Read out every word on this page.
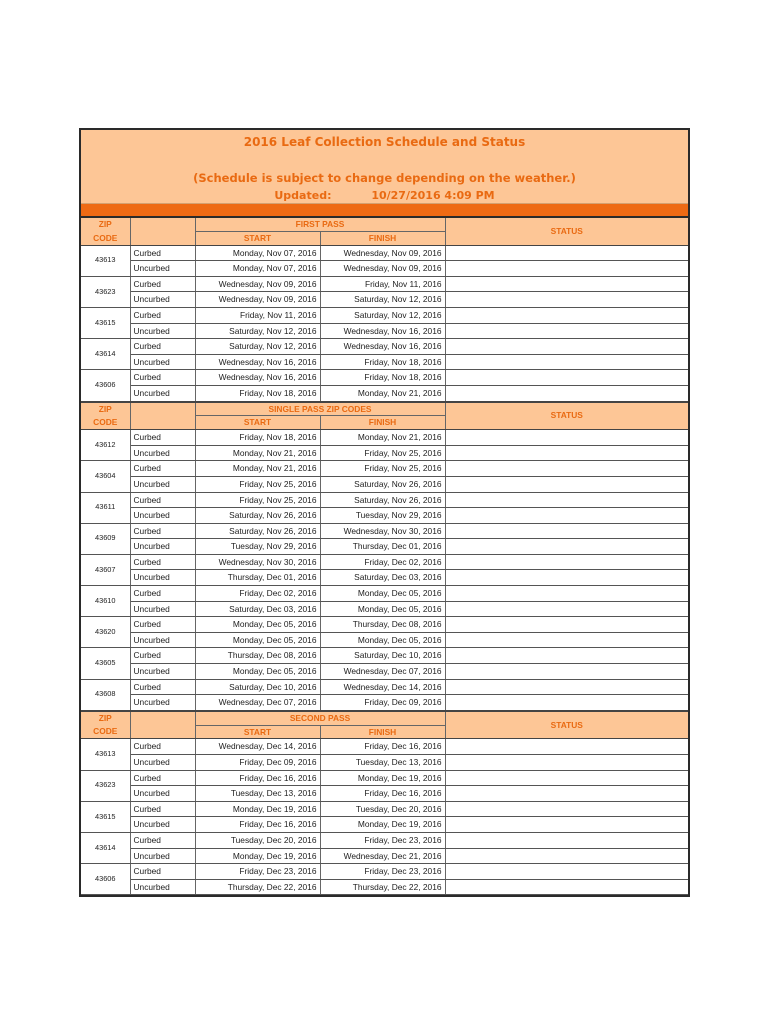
2016 Leaf Collection Schedule and Status
(Schedule is subject to change depending on the weather.)
Updated:	10/27/2016 4:09 PM
ZIP		FIRST PASS		STATUS
CODE		START	FINISH	
43613	Curbed	Monday, Nov 07, 2016	Wednesday, Nov 09, 2016	
	Uncurbed	Monday, Nov 07, 2016	Wednesday, Nov 09, 2016	
43623	Curbed	Wednesday, Nov 09, 2016	Friday, Nov 11, 2016	
	Uncurbed	Wednesday, Nov 09, 2016	Saturday, Nov 12, 2016	
43615	Curbed	Friday, Nov 11, 2016	Saturday, Nov 12, 2016	
	Uncurbed	Saturday, Nov 12, 2016	Wednesday, Nov 16, 2016	
43614	Curbed	Saturday, Nov 12, 2016	Wednesday, Nov 16, 2016	
	Uncurbed	Wednesday, Nov 16, 2016	Friday, Nov 18, 2016	
43606	Curbed	Wednesday, Nov 16, 2016	Friday, Nov 18, 2016	
	Uncurbed	Friday, Nov 18, 2016	Monday, Nov 21, 2016	
ZIP		SINGLE PASS ZIP CODES		STATUS
CODE		START	FINISH	
43612	Curbed	Friday, Nov 18, 2016	Monday, Nov 21, 2016	
	Uncurbed	Monday, Nov 21, 2016	Friday, Nov 25, 2016	
43604	Curbed	Monday, Nov 21, 2016	Friday, Nov 25, 2016	
	Uncurbed	Friday, Nov 25, 2016	Saturday, Nov 26, 2016	
43611	Curbed	Friday, Nov 25, 2016	Saturday, Nov 26, 2016	
	Uncurbed	Saturday, Nov 26, 2016	Tuesday, Nov 29, 2016	
43609	Curbed	Saturday, Nov 26, 2016	Wednesday, Nov 30, 2016	
	Uncurbed	Tuesday, Nov 29, 2016	Thursday, Dec 01, 2016	
43607	Curbed	Wednesday, Nov 30, 2016	Friday, Dec 02, 2016	
	Uncurbed	Thursday, Dec 01, 2016	Saturday, Dec 03, 2016	
43610	Curbed	Friday, Dec 02, 2016	Monday, Dec 05, 2016	
	Uncurbed	Saturday, Dec 03, 2016	Monday, Dec 05, 2016	
43620	Curbed	Monday, Dec 05, 2016	Thursday, Dec 08, 2016	
	Uncurbed	Monday, Dec 05, 2016	Monday, Dec 05, 2016	
43605	Curbed	Thursday, Dec 08, 2016	Saturday, Dec 10, 2016	
	Uncurbed	Monday, Dec 05, 2016	Wednesday, Dec 07, 2016	
43608	Curbed	Saturday, Dec 10, 2016	Wednesday, Dec 14, 2016	
	Uncurbed	Wednesday, Dec 07, 2016	Friday, Dec 09, 2016	
ZIP		SECOND PASS		STATUS
CODE		START	FINISH	
43613	Curbed	Wednesday, Dec 14, 2016	Friday, Dec 16, 2016	
	Uncurbed	Friday, Dec 09, 2016	Tuesday, Dec 13, 2016	
43623	Curbed	Friday, Dec 16, 2016	Monday, Dec 19, 2016	
	Uncurbed	Tuesday, Dec 13, 2016	Friday, Dec 16, 2016	
43615	Curbed	Monday, Dec 19, 2016	Tuesday, Dec 20, 2016	
	Uncurbed	Friday, Dec 16, 2016	Monday, Dec 19, 2016	
43614	Curbed	Tuesday, Dec 20, 2016	Friday, Dec 23, 2016	
	Uncurbed	Monday, Dec 19, 2016	Wednesday, Dec 21, 2016	
43606	Curbed	Friday, Dec 23, 2016	Friday, Dec 23, 2016	
	Uncurbed	Thursday, Dec 22, 2016	Thursday, Dec 22, 2016	
